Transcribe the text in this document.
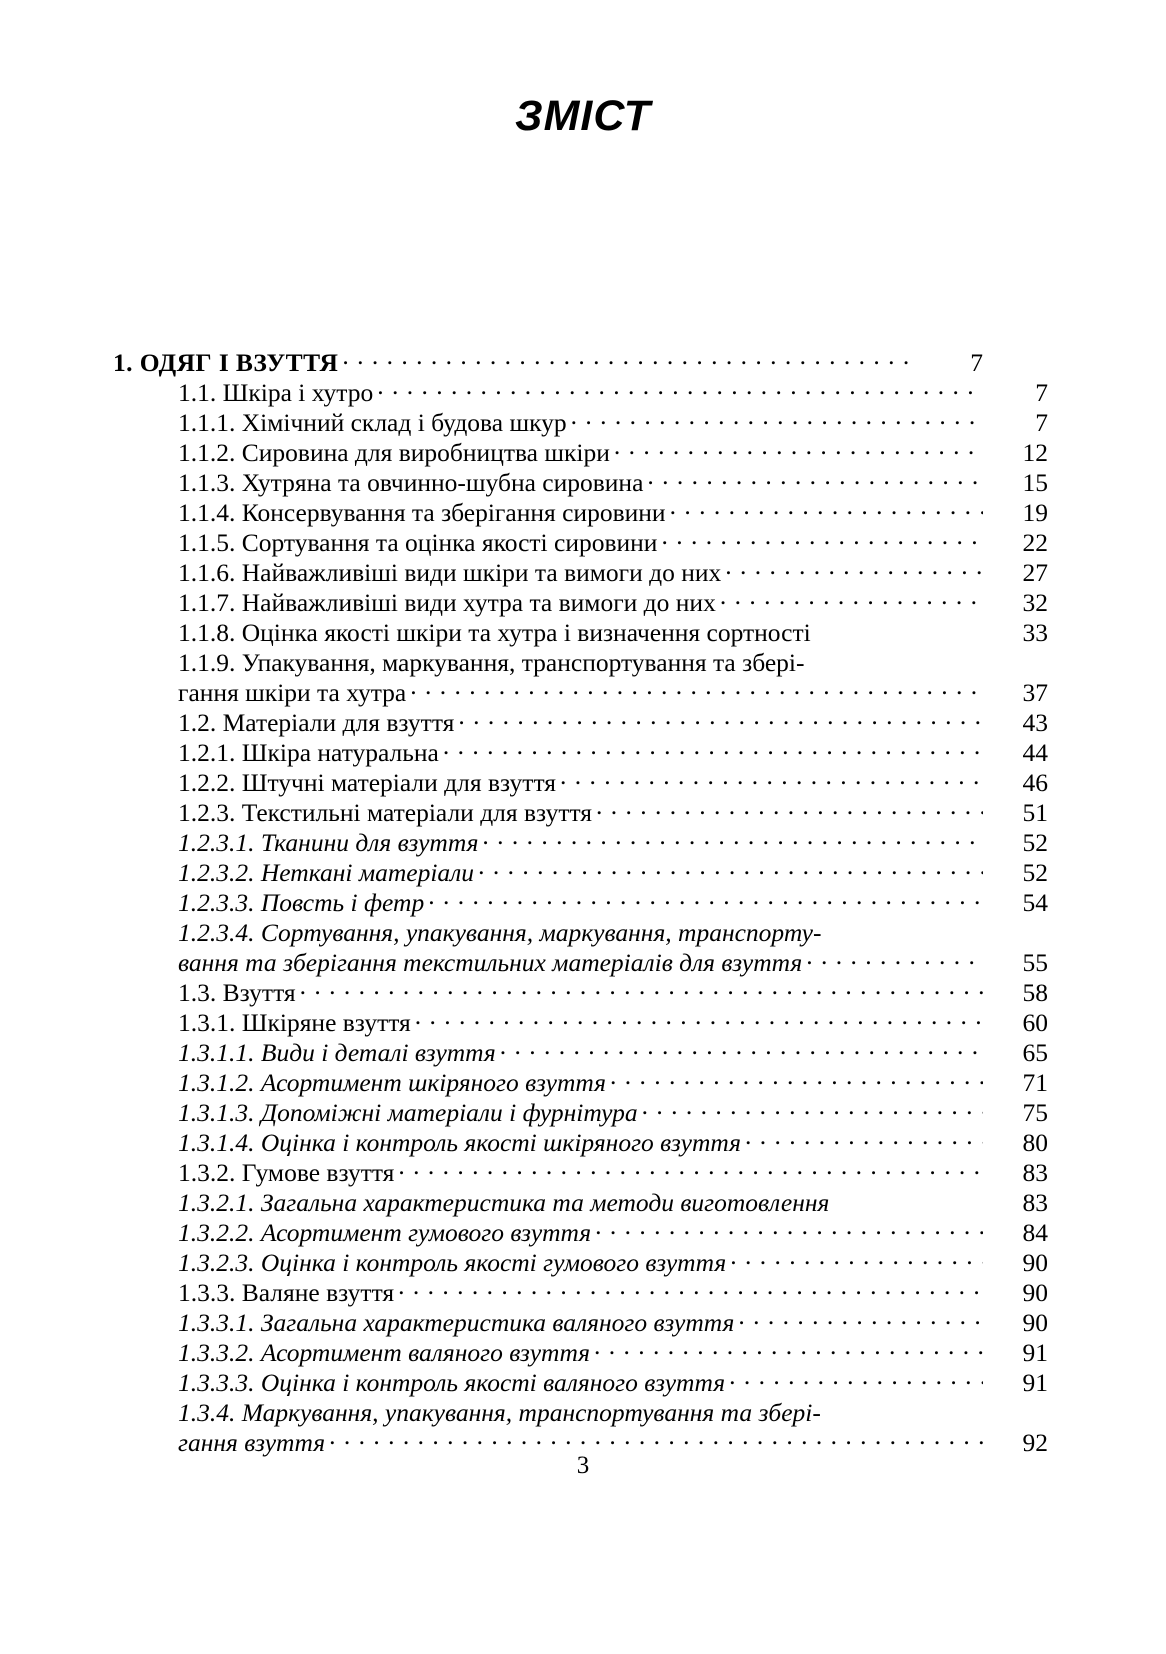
ЗМІСТ
1. ОДЯГ І ВЗУТТЯ . . .	7
1.1. Шкіра і хутро . . .	7
1.1.1. Хімічний склад і будова шкур . . .	7
1.1.2. Сировина для виробництва шкіри . . .	12
1.1.3. Хутряна та овчинно-шубна сировина . . .	15
1.1.4. Консервування та зберігання сировини . . .	19
1.1.5. Сортування та оцінка якості сировини . . .	22
1.1.6. Найважливіші види шкіри та вимоги до них . . .	27
1.1.7. Найважливіші види хутра та вимоги до них . . .	32
1.1.8. Оцінка якості шкіри та хутра і визначення сортності	33
1.1.9. Упакування, маркування, транспортування та збері-
гання шкіри та хутра . . .	37
1.2. Матеріали для взуття . . .	43
1.2.1. Шкіра натуральна . . .	44
1.2.2. Штучні матеріали для взуття . . .	46
1.2.3. Текстильні матеріали для взуття . . .	51
1.2.3.1. Тканини для взуття . . .	52
1.2.3.2. Нетканi матеріали . . .	52
1.2.3.3. Повсть і фетр . . .	54
1.2.3.4. Сортування, упакування, маркування, транспорту-
вання та зберігання текстильних матеріалів для взуття . . .	55
1.3. Взуття . . .	58
1.3.1. Шкіряне взуття . . .	60
1.3.1.1. Види і деталі взуття . . .	65
1.3.1.2. Асортимент шкіряного взуття . . .	71
1.3.1.3. Допоміжні матеріали і фурнітура . . .	75
1.3.1.4. Оцінка і контроль якості шкіряного взуття . . .	80
1.3.2. Гумове взуття . . .	83
1.3.2.1. Загальна характеристика та методи виготовлення	83
1.3.2.2. Асортимент гумового взуття . . .	84
1.3.2.3. Оцінка і контроль якості гумового взуття . . .	90
1.3.3. Валяне взуття . . .	90
1.3.3.1. Загальна характеристика валяного взуття . . .	90
1.3.3.2. Асортимент валяного взуття . . .	91
1.3.3.3. Оцінка і контроль якості валяного взуття . . .	91
1.3.4. Маркування, упакування, транспортування та збері-
гання взуття . . .	92
3
